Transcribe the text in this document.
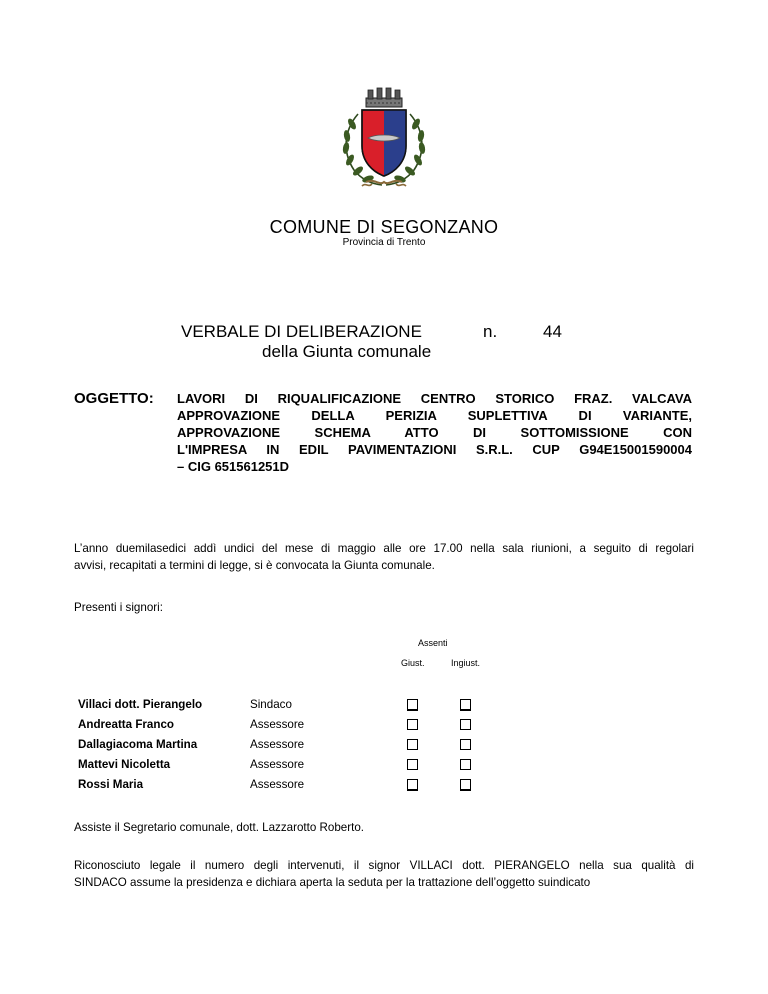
COMUNE DI SEGONZANO
Provincia di Trento
VERBALE DI DELIBERAZIONE	n.	44
della Giunta comunale
OGGETTO: LAVORI DI RIQUALIFICAZIONE CENTRO STORICO FRAZ. VALCAVA
APPROVAZIONE DELLA PERIZIA SUPLETTIVA DI VARIANTE,
APPROVAZIONE SCHEMA ATTO DI SOTTOMISSIONE CON
L'IMPRESA IN EDIL PAVIMENTAZIONI S.R.L. CUP G94E15001590004
– CIG 651561251D
L’anno duemilasedici addì undici del mese di maggio alle ore 17.00 nella sala riunioni, a seguito di regolari
avvisi, recapitati a termini di legge, si è convocata la Giunta comunale.
Presenti i signori:
Assenti
Giust.	Ingiust.
Villaci dott. Pierangelo	Sindaco
Andreatta Franco	Assessore
Dallagiacoma Martina	Assessore
Mattevi Nicoletta	Assessore
Rossi Maria	Assessore
Assiste il Segretario comunale, dott. Lazzarotto Roberto.
Riconosciuto legale il numero degli intervenuti, il signor VILLACI dott. PIERANGELO nella sua qualità di
SINDACO assume la presidenza e dichiara aperta la seduta per la trattazione dell’oggetto suindicato
